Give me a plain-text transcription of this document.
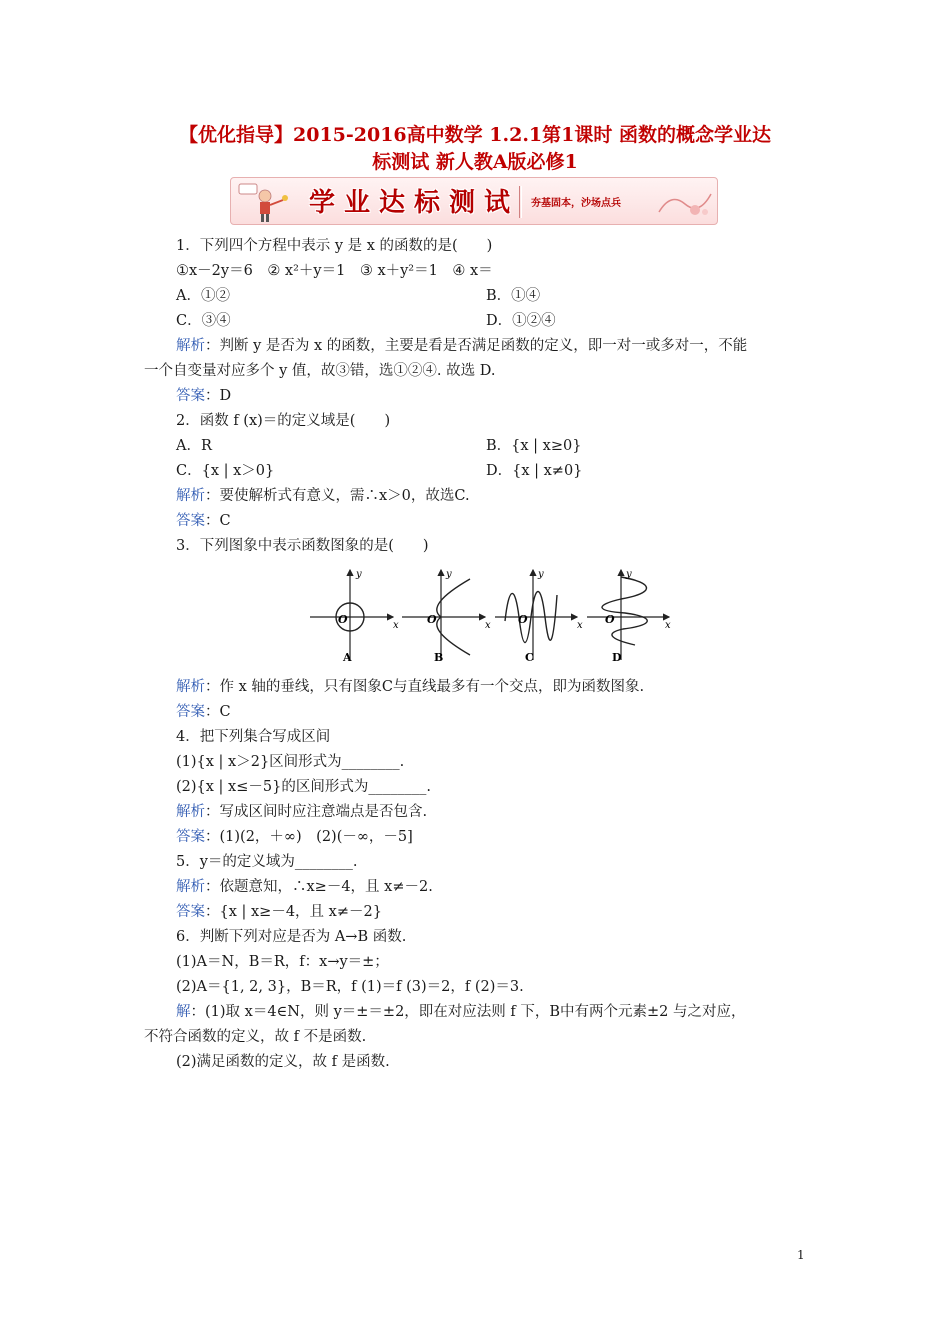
【优化指导】2015-2016高中数学 1.2.1第1课时 函数的概念学业达
标测试 新人教A版必修1
学业达标测试 夯基固本，沙场点兵
1．下列四个方程中表示 y 是 x 的函数的是(　　)
①x－2y＝6　② x²＋y＝1　③ x＋y²＝1　④ x＝
A．①②	B．①④
C．③④	D．①②④
解析：判断 y 是否为 x 的函数，主要是看是否满足函数的定义，即一对一或多对一，不能
一个自变量对应多个 y 值，故③错，选①②④. 故选 D.
答案：D
2．函数 f (x)＝的定义域是(　　)
A．R	B．{x | x≥0}
C．{x | x＞0}	D．{x | x≠0}
解析：要使解析式有意义，需∴x＞0，故选C.
答案：C
3．下列图象中表示函数图象的是(　　)
y
x
O
A
y
x
O
B
y
x
O
C
y
x
O
D
解析：作 x 轴的垂线，只有图象C与直线最多有一个交点，即为函数图象.
答案：C
4．把下列集合写成区间
(1){x | x＞2}区间形式为________.
(2){x | x≤－5}的区间形式为________.
解析：写成区间时应注意端点是否包含.
答案：(1)(2，＋∞)　(2)(－∞，－5]
5．y＝的定义域为________.
解析：依题意知，∴x≥－4，且 x≠－2.
答案：{x | x≥－4，且 x≠－2}
6．判断下列对应是否为 A→B 函数.
(1)A＝N，B＝R，f：x→y＝±；
(2)A＝{1, 2, 3}，B＝R，f (1)＝f (3)＝2，f (2)＝3.
解：(1)取 x＝4∈N，则 y＝±＝±2，即在对应法则 f 下，B中有两个元素±2 与之对应，
不符合函数的定义，故 f 不是函数.
(2)满足函数的定义，故 f 是函数.
1
